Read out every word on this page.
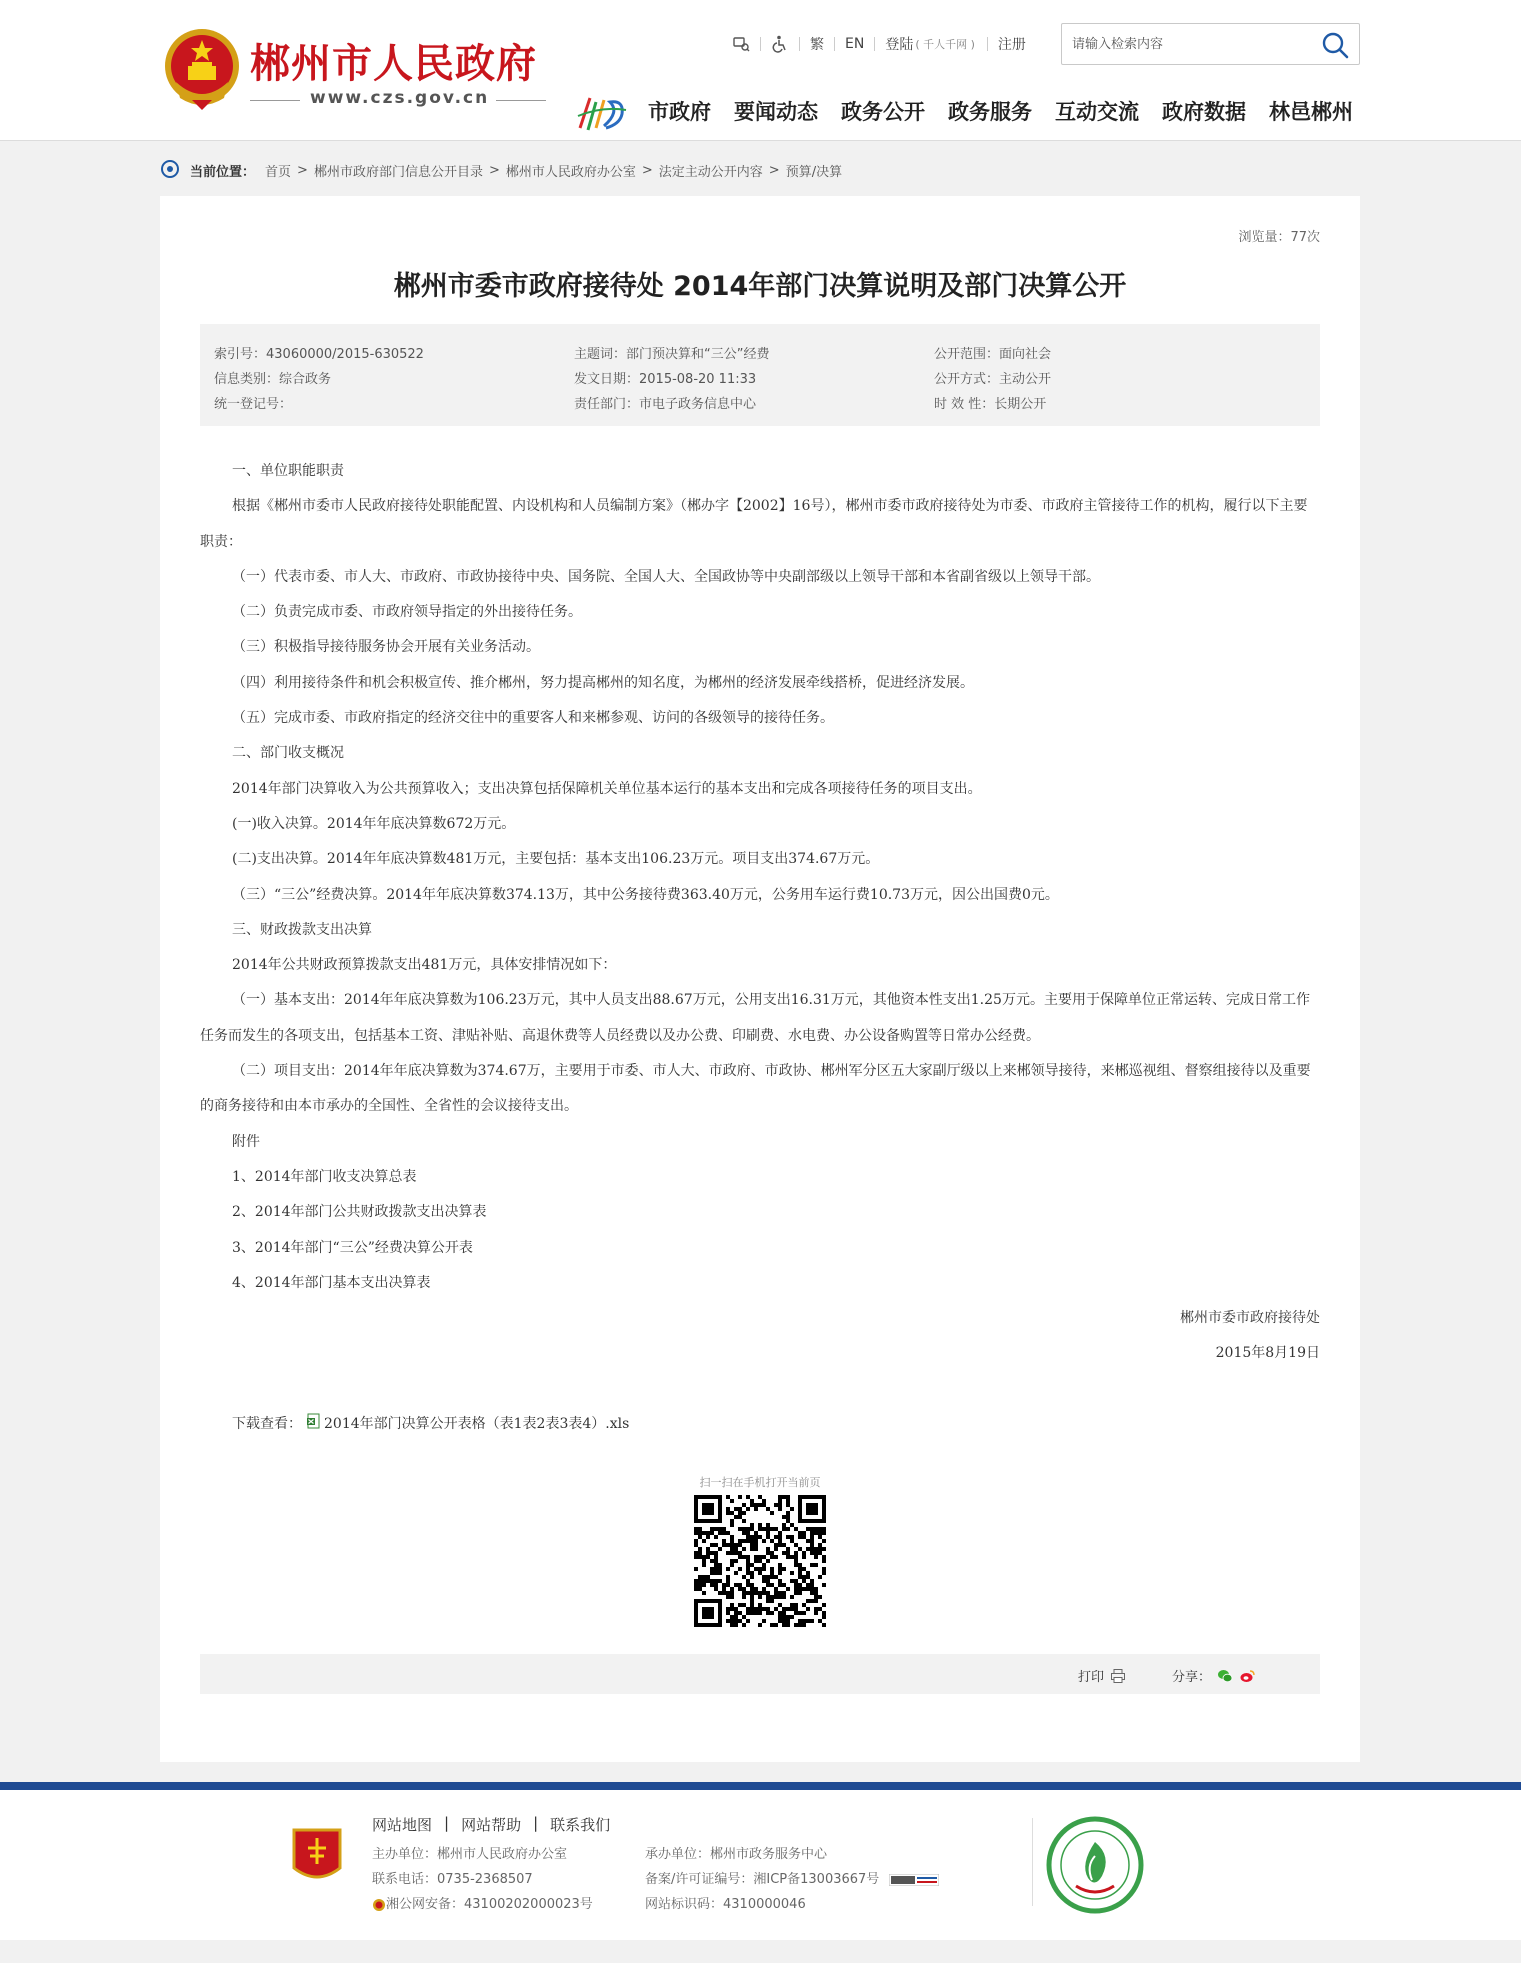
郴州市人民政府
www.czs.gov.cn
繁	EN	登陆 ( 千人千网 )	注册
请输入检索内容
市政府 要闻动态 政务公开 政务服务 互动交流 政府数据 林邑郴州
当前位置： 首页 > 郴州市政府部门信息公开目录 > 郴州市人民政府办公室 > 法定主动公开内容 > 预算/决算
浏览量：77次
郴州市委市政府接待处 2014年部门决算说明及部门决算公开
索引号：43060000/2015-630522	主题词：部门预决算和“三公”经费	公开范围：面向社会
信息类别：综合政务	发文日期：2015-08-20 11:33	公开方式：主动公开
统一登记号：	责任部门：市电子政务信息中心	时 效 性：长期公开

一、单位职能职责

根据《郴州市委市人民政府接待处职能配置、内设机构和人员编制方案》（郴办字【2002】16号），郴州市委市政府接待处为市委、市政府主管接待工作的机构，履行以下主要职责：

（一）代表市委、市人大、市政府、市政协接待中央、国务院、全国人大、全国政协等中央副部级以上领导干部和本省副省级以上领导干部。

（二）负责完成市委、市政府领导指定的外出接待任务。

（三）积极指导接待服务协会开展有关业务活动。

（四）利用接待条件和机会积极宣传、推介郴州，努力提高郴州的知名度，为郴州的经济发展牵线搭桥，促进经济发展。

（五）完成市委、市政府指定的经济交往中的重要客人和来郴参观、访问的各级领导的接待任务。

二、部门收支概况

2014年部门决算收入为公共预算收入；支出决算包括保障机关单位基本运行的基本支出和完成各项接待任务的项目支出。

(一)收入决算。2014年年底决算数672万元。

(二)支出决算。2014年年底决算数481万元，主要包括：基本支出106.23万元。项目支出374.67万元。

（三）“三公”经费决算。2014年年底决算数374.13万，其中公务接待费363.40万元，公务用车运行费10.73万元，因公出国费0元。

三、财政拨款支出决算

2014年公共财政预算拨款支出481万元，具体安排情况如下：

（一）基本支出：2014年年底决算数为106.23万元，其中人员支出88.67万元，公用支出16.31万元，其他资本性支出1.25万元。主要用于保障单位正常运转、完成日常工作任务而发生的各项支出，包括基本工资、津贴补贴、高退休费等人员经费以及办公费、印刷费、水电费、办公设备购置等日常办公经费。

（二）项目支出：2014年年底决算数为374.67万，主要用于市委、市人大、市政府、市政协、郴州军分区五大家副厅级以上来郴领导接待，来郴巡视组、督察组接待以及重要的商务接待和由本市承办的全国性、全省性的会议接待支出。

附件

1、2014年部门收支决算总表

2、2014年部门公共财政拨款支出决算表

3、2014年部门“三公”经费决算公开表

4、2014年部门基本支出决算表

郴州市委市政府接待处

2015年8月19日

下载查看： 2014年部门决算公开表格（表1表2表3表4）.xls
扫一扫在手机打开当前页
打印	分享：
网站地图 | 网站帮助 | 联系我们
主办单位：郴州市人民政府办公室
联系电话：0735-2368507
湘公网安备：43100202000023号
承办单位：郴州市政务服务中心
备案/许可证编号：湘ICP备13003667号
网站标识码：4310000046
